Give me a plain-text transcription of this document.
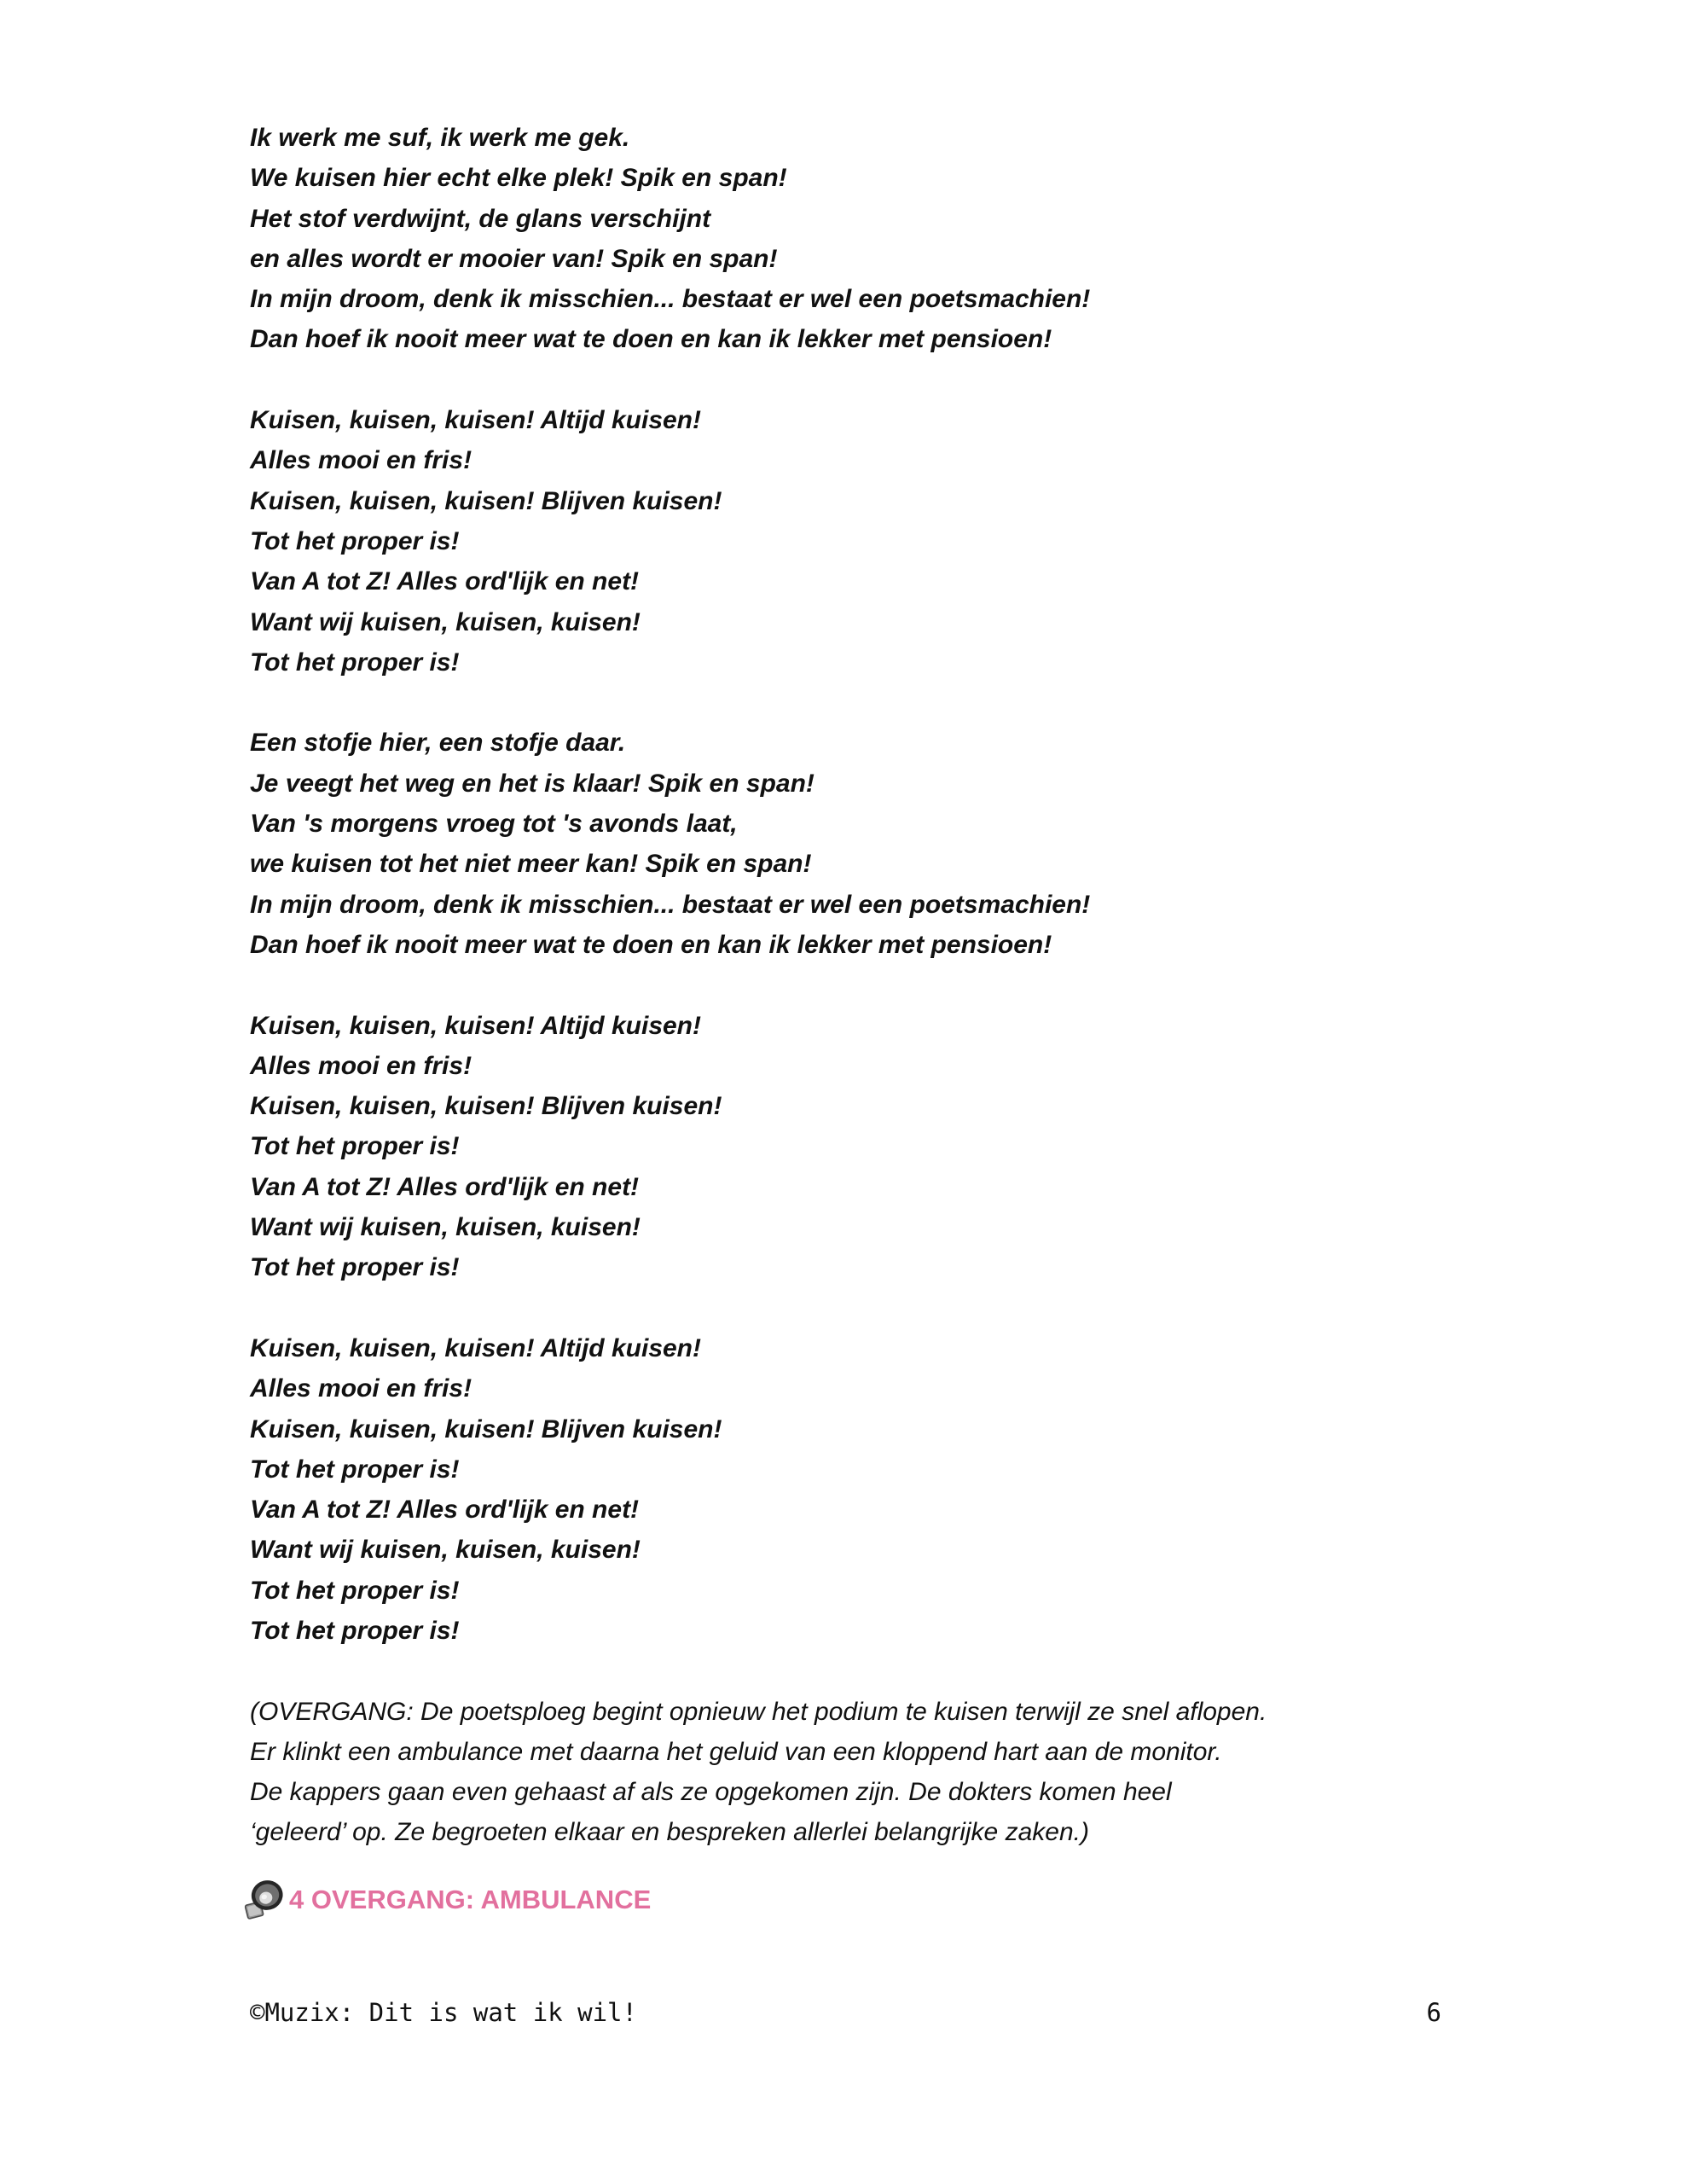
Ik werk me suf, ik werk me gek.
We kuisen hier echt elke plek! Spik en span!
Het stof verdwijnt, de glans verschijnt
en alles wordt er mooier van! Spik en span!
In mijn droom, denk ik misschien... bestaat er wel een poetsmachien!
Dan hoef ik nooit meer wat te doen en kan ik lekker met pensioen!
Kuisen, kuisen, kuisen! Altijd kuisen!
Alles mooi en fris!
Kuisen, kuisen, kuisen! Blijven kuisen!
Tot het proper is!
Van A tot Z! Alles ord'lijk en net!
Want wij kuisen, kuisen, kuisen!
Tot het proper is!
Een stofje hier, een stofje daar.
Je veegt het weg en het is klaar! Spik en span!
Van 's morgens vroeg tot 's avonds laat,
we kuisen tot het niet meer kan! Spik en span!
In mijn droom, denk ik misschien... bestaat er wel een poetsmachien!
Dan hoef ik nooit meer wat te doen en kan ik lekker met pensioen!
Kuisen, kuisen, kuisen! Altijd kuisen!
Alles mooi en fris!
Kuisen, kuisen, kuisen! Blijven kuisen!
Tot het proper is!
Van A tot Z! Alles ord'lijk en net!
Want wij kuisen, kuisen, kuisen!
Tot het proper is!
Kuisen, kuisen, kuisen! Altijd kuisen!
Alles mooi en fris!
Kuisen, kuisen, kuisen! Blijven kuisen!
Tot het proper is!
Van A tot Z! Alles ord'lijk en net!
Want wij kuisen, kuisen, kuisen!
Tot het proper is!
Tot het proper is!
(OVERGANG: De poetsploeg begint opnieuw het podium te kuisen terwijl ze snel aflopen.
Er klinkt een ambulance met daarna het geluid van een kloppend hart aan de monitor.
De kappers gaan even gehaast af als ze opgekomen zijn. De dokters komen heel
‘geleerd’ op. Ze begroeten elkaar en bespreken allerlei belangrijke zaken.)
4 OVERGANG: AMBULANCE
©Muzix: Dit is wat ik wil!	6
